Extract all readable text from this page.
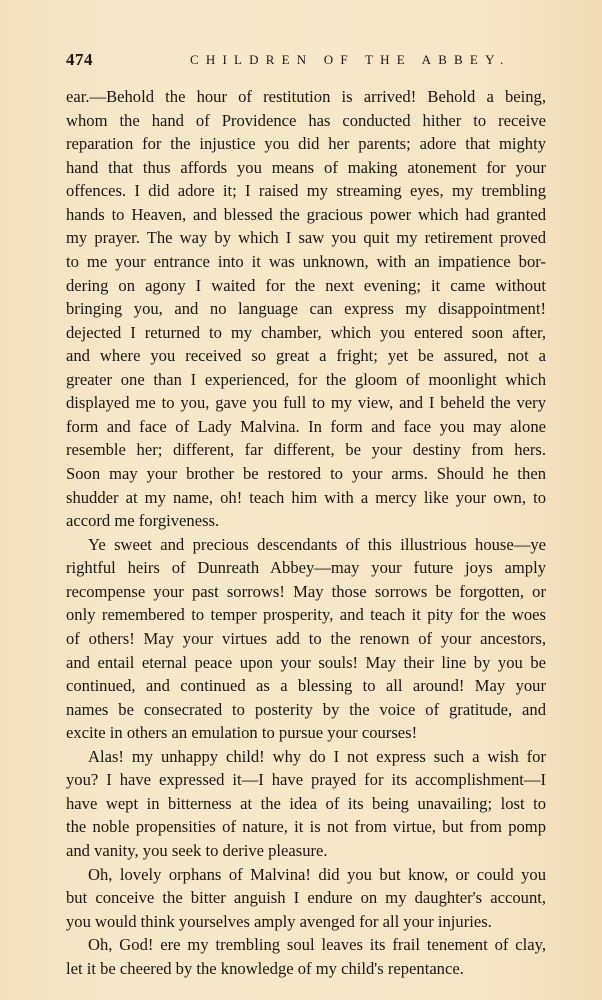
474	CHILDREN OF THE ABBEY.
ear.—Behold the hour of restitution is arrived! Behold a being,
whom the hand of Providence has conducted hither to receive
reparation for the injustice you did her parents; adore that mighty
hand that thus affords you means of making atonement for your
offences. I did adore it; I raised my streaming eyes, my trembling
hands to Heaven, and blessed the gracious power which had granted
my prayer. The way by which I saw you quit my retirement proved
to me your entrance into it was unknown, with an impatience bor-
dering on agony I waited for the next evening; it came without
bringing you, and no language can express my disappointment!
dejected I returned to my chamber, which you entered soon after,
and where you received so great a fright; yet be assured, not a
greater one than I experienced, for the gloom of moonlight which
displayed me to you, gave you full to my view, and I beheld the very
form and face of Lady Malvina. In form and face you may alone
resemble her; different, far different, be your destiny from hers.
Soon may your brother be restored to your arms. Should he then
shudder at my name, oh! teach him with a mercy like your own, to
accord me forgiveness.
Ye sweet and precious descendants of this illustrious house—ye
rightful heirs of Dunreath Abbey—may your future joys amply
recompense your past sorrows! May those sorrows be forgotten, or
only remembered to temper prosperity, and teach it pity for the woes
of others! May your virtues add to the renown of your ancestors,
and entail eternal peace upon your souls! May their line by you be
continued, and continued as a blessing to all around! May your
names be consecrated to posterity by the voice of gratitude, and
excite in others an emulation to pursue your courses!
Alas! my unhappy child! why do I not express such a wish for
you? I have expressed it—I have prayed for its accomplishment—I
have wept in bitterness at the idea of its being unavailing; lost to
the noble propensities of nature, it is not from virtue, but from pomp
and vanity, you seek to derive pleasure.
Oh, lovely orphans of Malvina! did you but know, or could you
but conceive the bitter anguish I endure on my daughter's account,
you would think yourselves amply avenged for all your injuries.
Oh, God! ere my trembling soul leaves its frail tenement of clay,
let it be cheered by the knowledge of my child's repentance.
